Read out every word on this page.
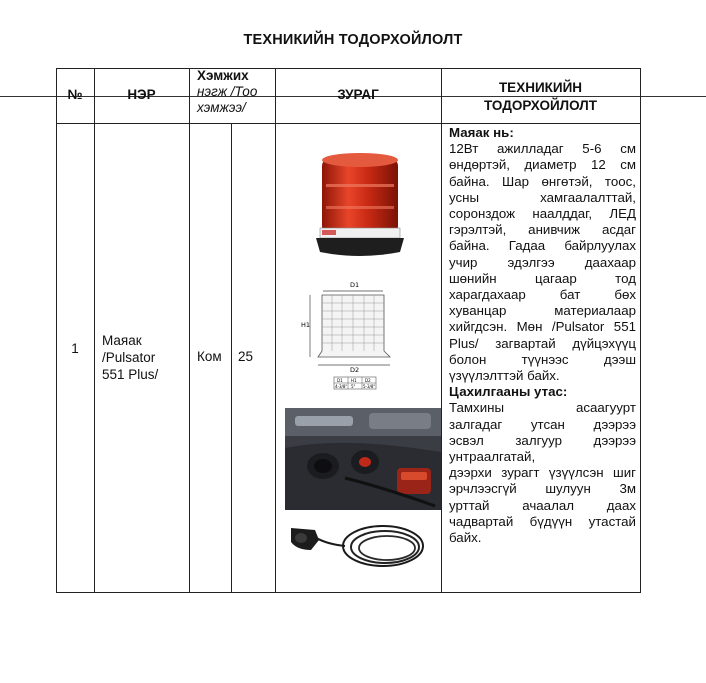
ТЕХНИКИЙН ТОДОРХОЙЛОЛТ
№	НЭР
Хэмжих
нэгж /Тоо
хэмжээ/
ЗУРАГ	ТЕХНИКИЙН
ТОДОРХОЙЛОЛТ
1
Маяак
/Pulsator
551 Plus/
Ком 25
D1
H1
D2
D1 H1 D2
4-3/8" 5" 5-3/8"
Маяак нь:
12Вт ажилладаг 5-6 см
өндөртэй, диаметр 12 см
байна. Шар өнгөтэй, тоос,
усны хамгаалалттай,
соронздож наалддаг, ЛЕД
гэрэлтэй, анивчиж асдаг
байна. Гадаа байрлуулах
учир эдэлгээ даахаар
шөнийн цагаар тод
харагдахаар бат бөх
хуванцар материалаар
хийгдсэн. Мөн /Pulsator 551
Plus/ загвартай дүйцэхүүц
болон түүнээс дээш
үзүүлэлттэй байх.
Цахилгааны утас:
Тамхины асаагуурт
залгадаг утсан дээрээ
эсвэл залгуур дээрээ
унтраалгатай,
дээрхи зурагт үзүүлсэн шиг
эрчлээсгүй шулуун 3м
урттай ачаалал даах
чадвартай бүдүүн утастай
байх.
